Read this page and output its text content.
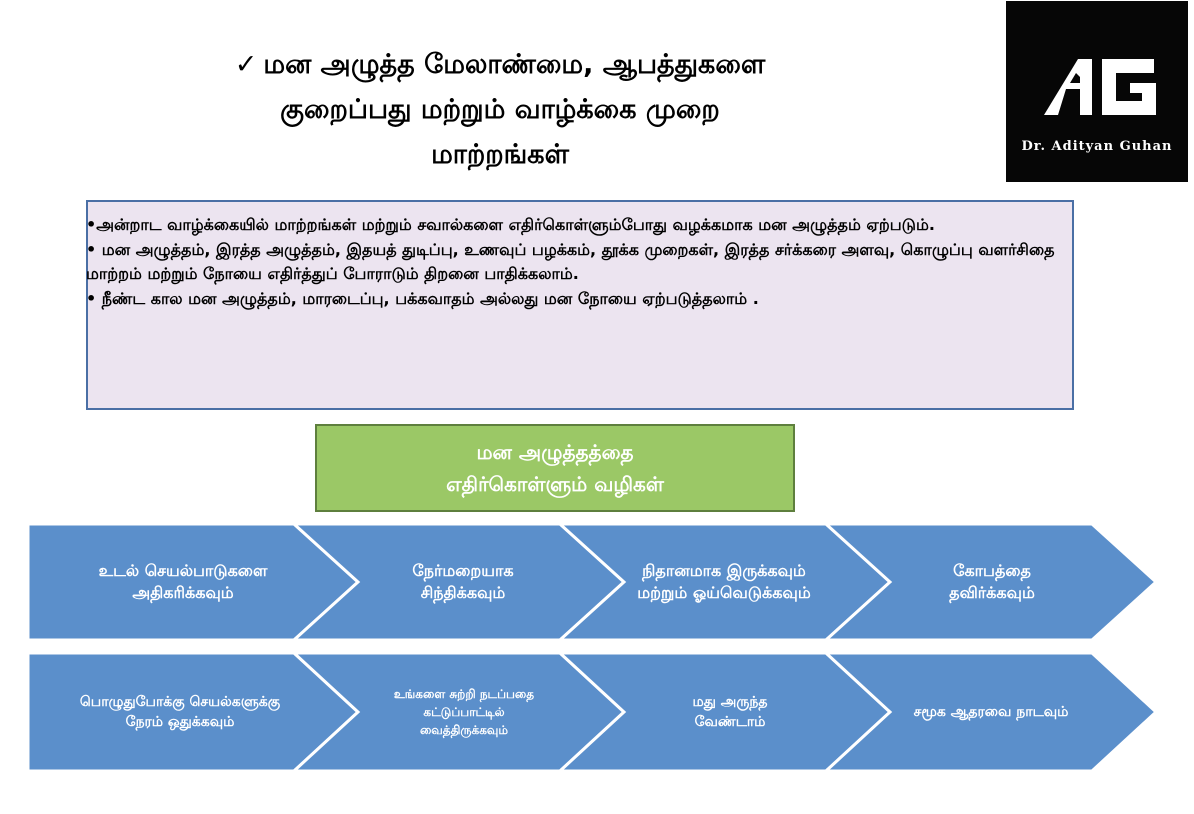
✓ மன அழுத்த மேலாண்மை, ஆபத்துகளை
குறைப்பது மற்றும் வாழ்க்கை முறை
மாற்றங்கள்	Dr. Adityan Guhan

•அன்றாட வாழ்க்கையில் மாற்றங்கள் மற்றும் சவால்களை எதிர்கொள்ளும்போது வழக்கமாக மன அழுத்தம் ஏற்படும்.

• மன அழுத்தம், இரத்த அழுத்தம், இதயத் துடிப்பு, உணவுப் பழக்கம், தூக்க முறைகள், இரத்த சர்க்கரை அளவு, கொழுப்பு வளர்சிதை மாற்றம் மற்றும் நோயை எதிர்த்துப் போராடும் திறனை பாதிக்கலாம்.

• நீண்ட கால மன அழுத்தம், மாரடைப்பு, பக்கவாதம் அல்லது மன நோயை ஏற்படுத்தலாம் .

மன அழுத்தத்தை
எதிர்கொள்ளும் வழிகள்
உடல் செயல்பாடுகளை அதிகரிக்கவும்
நேர்மறையாக சிந்திக்கவும்
நிதானமாக இருக்கவும் மற்றும் ஓய்வெடுக்கவும்
கோபத்தை தவிர்க்கவும்
பொழுதுபோக்கு செயல்களுக்கு நேரம் ஒதுக்கவும்
உங்களை சுற்றி நடப்பதை கட்டுப்பாட்டில் வைத்திருக்கவும்
மது அருந்த வேண்டாம்
சமூக ஆதரவை நாடவும்
